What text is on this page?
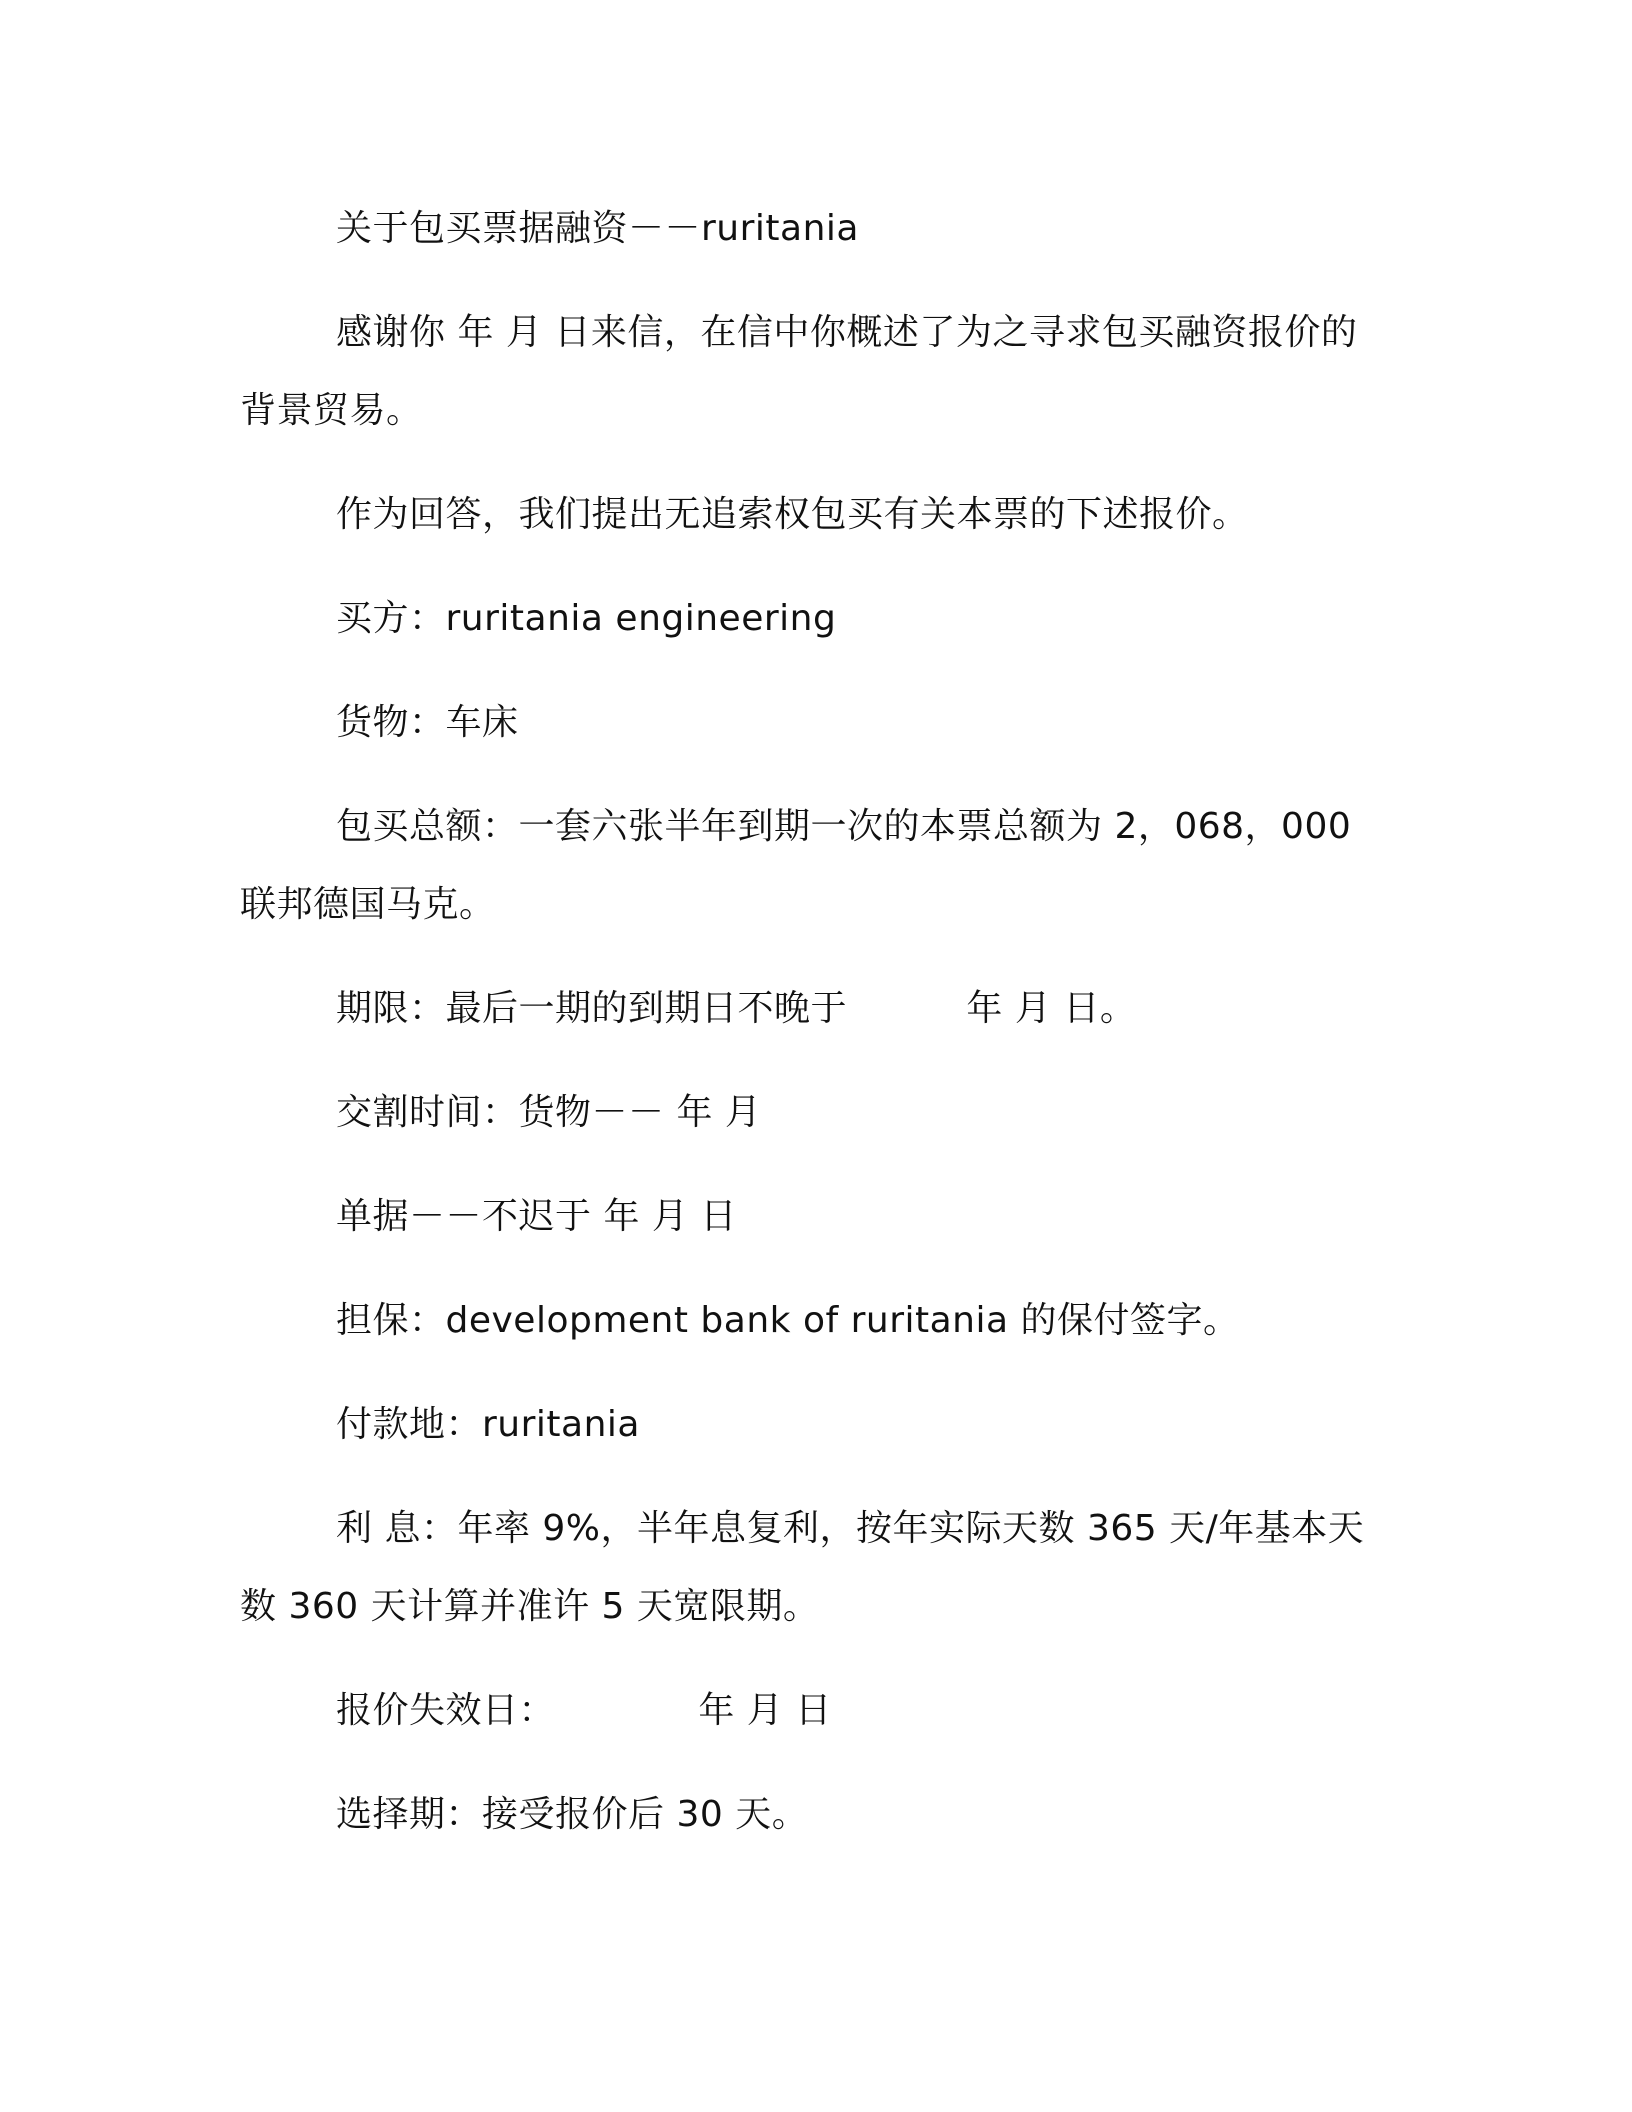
关于包买票据融资－－ruritania

感谢你 年 月 日来信，在信中你概述了为之寻求包买融资报价的背景贸易。

作为回答，我们提出无追索权包买有关本票的下述报价。

买方：ruritania engineering

货物：车床

包买总额：一套六张半年到期一次的本票总额为 2，068，000 联邦德国马克。

期限：最后一期的到期日不晚于          年 月 日。

交割时间：货物－－ 年 月

单据－－不迟于 年 月 日

担保：development bank of ruritania 的保付签字。

付款地：ruritania

利 息：年率 9%，半年息复利，按年实际天数 365 天/年基本天数 360 天计算并准许 5 天宽限期。

报价失效日：            年 月 日

选择期：接受报价后 30 天。
